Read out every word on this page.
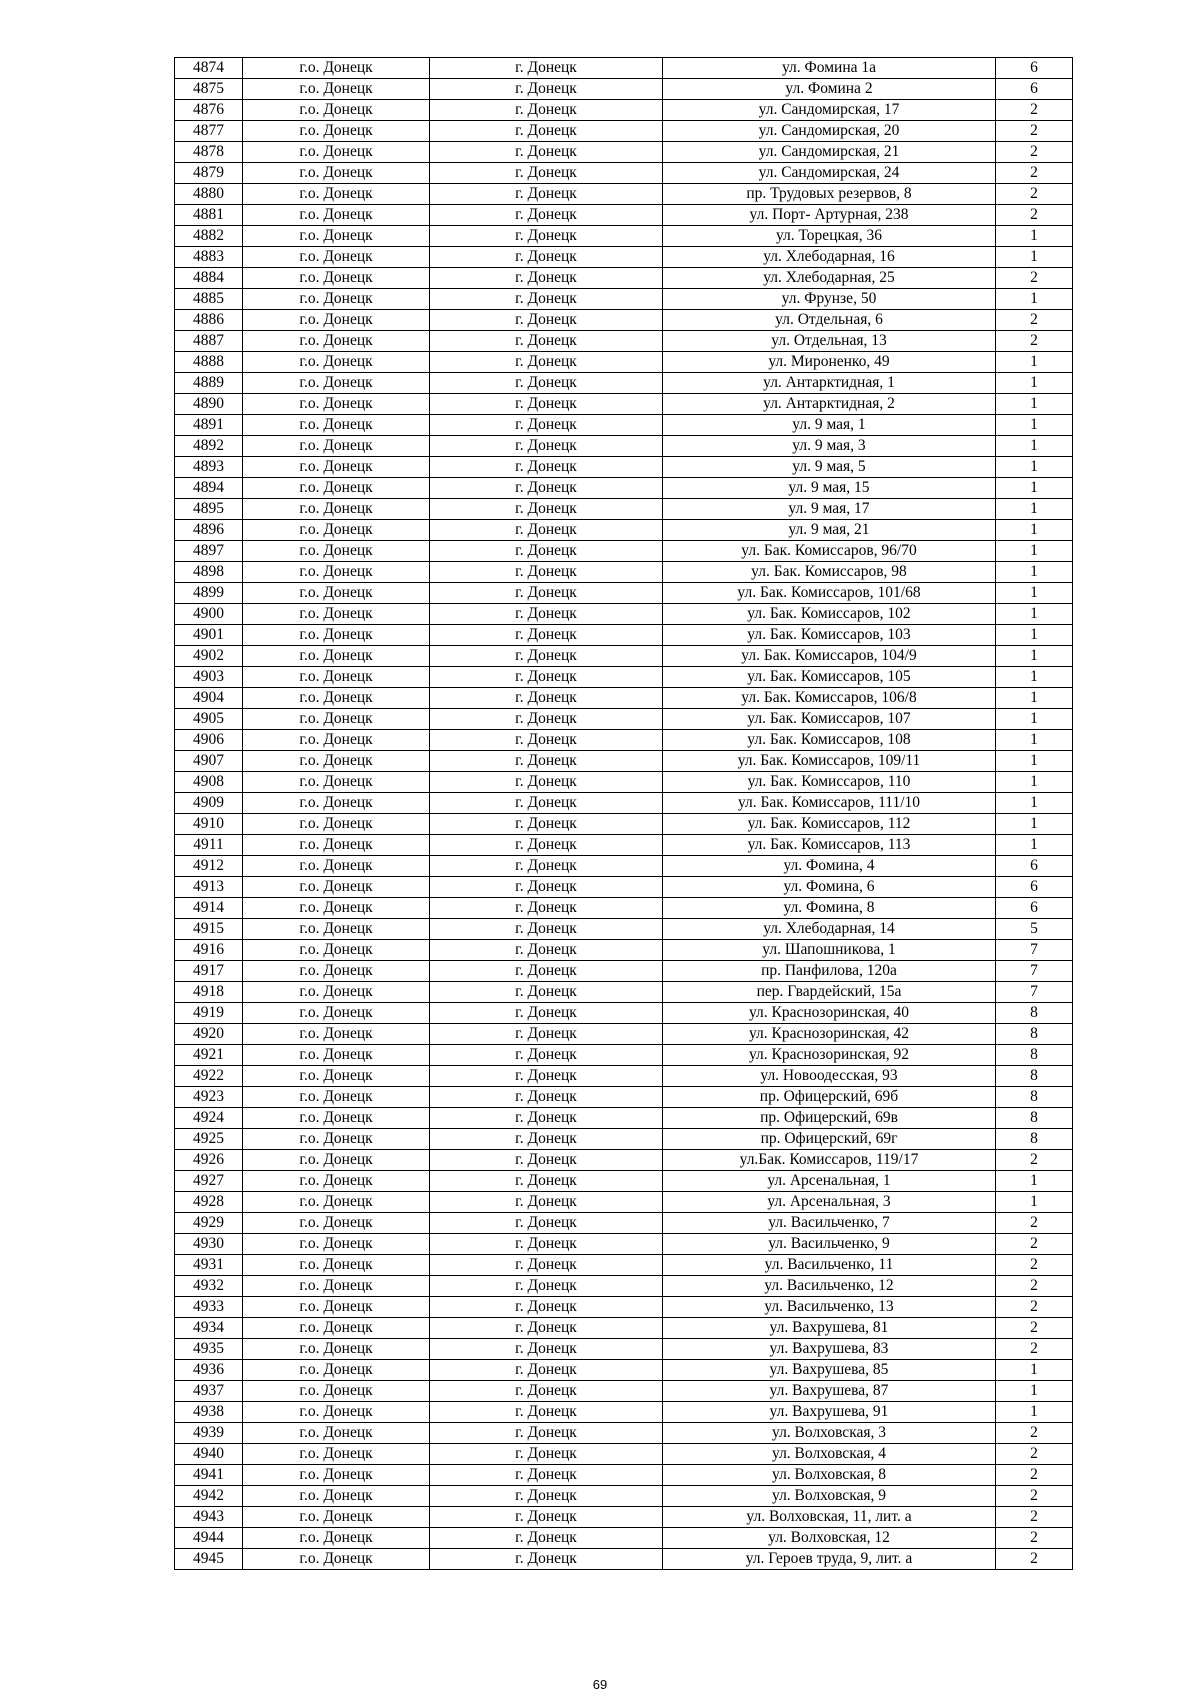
4874	г.о. Донецк	г. Донецк	ул. Фомина 1а	6
4875	г.о. Донецк	г. Донецк	ул. Фомина 2	6
4876	г.о. Донецк	г. Донецк	ул. Сандомирская, 17	2
4877	г.о. Донецк	г. Донецк	ул. Сандомирская, 20	2
4878	г.о. Донецк	г. Донецк	ул. Сандомирская, 21	2
4879	г.о. Донецк	г. Донецк	ул. Сандомирская, 24	2
4880	г.о. Донецк	г. Донецк	пр. Трудовых резервов, 8	2
4881	г.о. Донецк	г. Донецк	ул. Порт- Артурная, 238	2
4882	г.о. Донецк	г. Донецк	ул. Торецкая, 36	1
4883	г.о. Донецк	г. Донецк	ул. Хлебодарная, 16	1
4884	г.о. Донецк	г. Донецк	ул. Хлебодарная, 25	2
4885	г.о. Донецк	г. Донецк	ул. Фрунзе, 50	1
4886	г.о. Донецк	г. Донецк	ул. Отдельная, 6	2
4887	г.о. Донецк	г. Донецк	ул. Отдельная, 13	2
4888	г.о. Донецк	г. Донецк	ул. Мироненко, 49	1
4889	г.о. Донецк	г. Донецк	ул. Антарктидная, 1	1
4890	г.о. Донецк	г. Донецк	ул. Антарктидная, 2	1
4891	г.о. Донецк	г. Донецк	ул. 9 мая, 1	1
4892	г.о. Донецк	г. Донецк	ул. 9 мая, 3	1
4893	г.о. Донецк	г. Донецк	ул. 9 мая, 5	1
4894	г.о. Донецк	г. Донецк	ул. 9 мая, 15	1
4895	г.о. Донецк	г. Донецк	ул. 9 мая, 17	1
4896	г.о. Донецк	г. Донецк	ул. 9 мая, 21	1
4897	г.о. Донецк	г. Донецк	ул. Бак. Комиссаров, 96/70	1
4898	г.о. Донецк	г. Донецк	ул. Бак. Комиссаров, 98	1
4899	г.о. Донецк	г. Донецк	ул. Бак. Комиссаров, 101/68	1
4900	г.о. Донецк	г. Донецк	ул. Бак. Комиссаров, 102	1
4901	г.о. Донецк	г. Донецк	ул. Бак. Комиссаров, 103	1
4902	г.о. Донецк	г. Донецк	ул. Бак. Комиссаров, 104/9	1
4903	г.о. Донецк	г. Донецк	ул. Бак. Комиссаров, 105	1
4904	г.о. Донецк	г. Донецк	ул. Бак. Комиссаров, 106/8	1
4905	г.о. Донецк	г. Донецк	ул. Бак. Комиссаров, 107	1
4906	г.о. Донецк	г. Донецк	ул. Бак. Комиссаров, 108	1
4907	г.о. Донецк	г. Донецк	ул. Бак. Комиссаров, 109/11	1
4908	г.о. Донецк	г. Донецк	ул. Бак. Комиссаров, 110	1
4909	г.о. Донецк	г. Донецк	ул. Бак. Комиссаров, 111/10	1
4910	г.о. Донецк	г. Донецк	ул. Бак. Комиссаров, 112	1
4911	г.о. Донецк	г. Донецк	ул. Бак. Комиссаров, 113	1
4912	г.о. Донецк	г. Донецк	ул. Фомина, 4	6
4913	г.о. Донецк	г. Донецк	ул. Фомина, 6	6
4914	г.о. Донецк	г. Донецк	ул. Фомина, 8	6
4915	г.о. Донецк	г. Донецк	ул. Хлебодарная, 14	5
4916	г.о. Донецк	г. Донецк	ул. Шапошникова, 1	7
4917	г.о. Донецк	г. Донецк	пр. Панфилова, 120а	7
4918	г.о. Донецк	г. Донецк	пер. Гвардейский, 15а	7
4919	г.о. Донецк	г. Донецк	ул. Краснозоринская, 40	8
4920	г.о. Донецк	г. Донецк	ул. Краснозоринская, 42	8
4921	г.о. Донецк	г. Донецк	ул. Краснозоринская, 92	8
4922	г.о. Донецк	г. Донецк	ул. Новоодесская, 93	8
4923	г.о. Донецк	г. Донецк	пр. Офицерский, 69б	8
4924	г.о. Донецк	г. Донецк	пр. Офицерский, 69в	8
4925	г.о. Донецк	г. Донецк	пр. Офицерский, 69г	8
4926	г.о. Донецк	г. Донецк	ул.Бак. Комиссаров, 119/17	2
4927	г.о. Донецк	г. Донецк	ул. Арсенальная, 1	1
4928	г.о. Донецк	г. Донецк	ул. Арсенальная, 3	1
4929	г.о. Донецк	г. Донецк	ул. Васильченко, 7	2
4930	г.о. Донецк	г. Донецк	ул. Васильченко, 9	2
4931	г.о. Донецк	г. Донецк	ул. Васильченко, 11	2
4932	г.о. Донецк	г. Донецк	ул. Васильченко, 12	2
4933	г.о. Донецк	г. Донецк	ул. Васильченко, 13	2
4934	г.о. Донецк	г. Донецк	ул. Вахрушева, 81	2
4935	г.о. Донецк	г. Донецк	ул. Вахрушева, 83	2
4936	г.о. Донецк	г. Донецк	ул. Вахрушева, 85	1
4937	г.о. Донецк	г. Донецк	ул. Вахрушева, 87	1
4938	г.о. Донецк	г. Донецк	ул. Вахрушева, 91	1
4939	г.о. Донецк	г. Донецк	ул. Волховская, 3	2
4940	г.о. Донецк	г. Донецк	ул. Волховская, 4	2
4941	г.о. Донецк	г. Донецк	ул. Волховская, 8	2
4942	г.о. Донецк	г. Донецк	ул. Волховская, 9	2
4943	г.о. Донецк	г. Донецк	ул. Волховская, 11, лит. а	2
4944	г.о. Донецк	г. Донецк	ул. Волховская, 12	2
4945	г.о. Донецк	г. Донецк	ул. Героев труда, 9, лит. а	2
69
